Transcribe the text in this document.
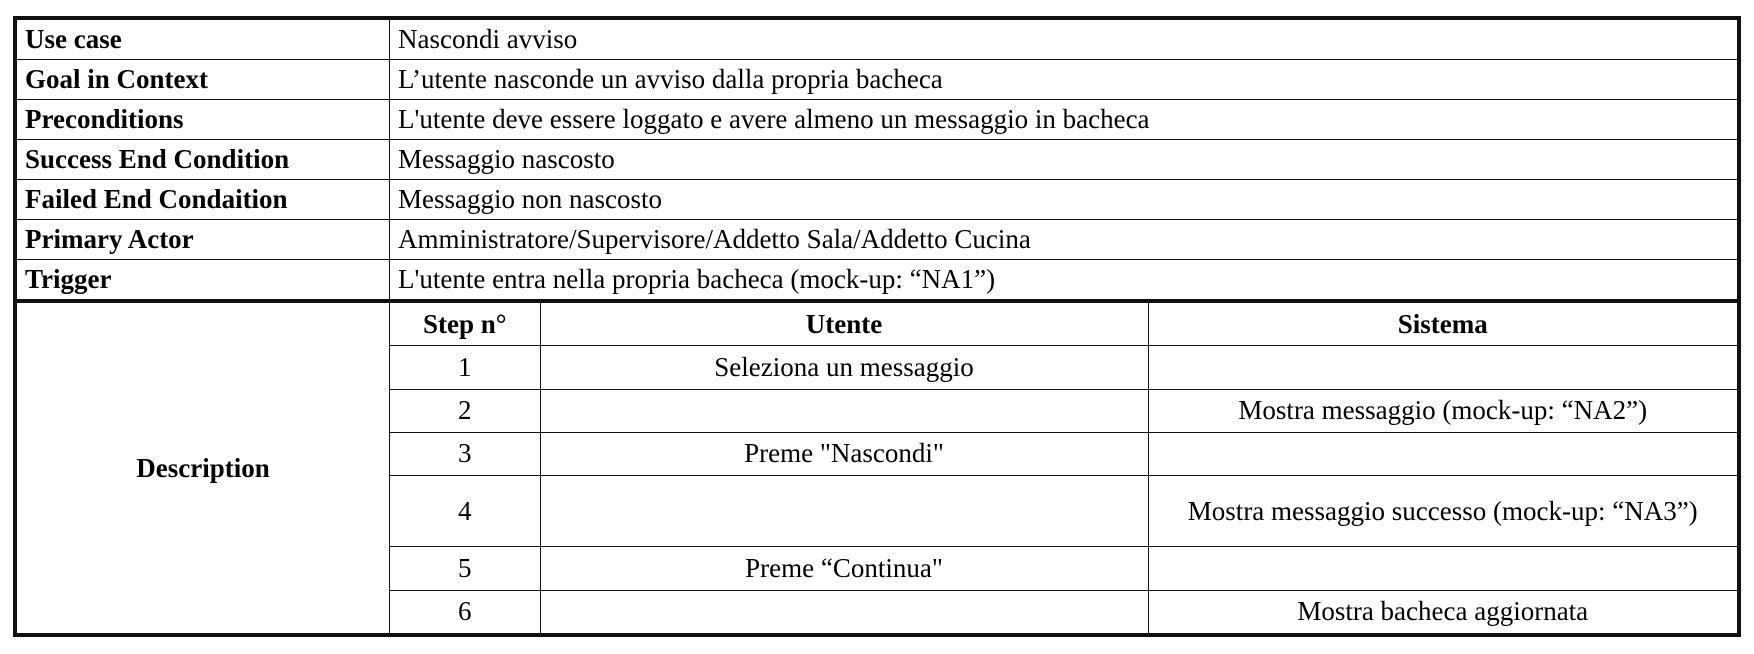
Use case	Nascondi avviso
Goal in Context	L’utente nasconde un avviso dalla propria bacheca
Preconditions	L'utente deve essere loggato e avere almeno un messaggio in bacheca
Success End Condition	Messaggio nascosto
Failed End Condaition	Messaggio non nascosto
Primary Actor	Amministratore/Supervisore/Addetto Sala/Addetto Cucina
Trigger	L'utente entra nella propria bacheca (mock-up: “NA1”)
Description	
Step n°	Utente	Sistema
1	Seleziona un messaggio	
2		Mostra messaggio (mock-up: “NA2”)
3	Preme "Nascondi"	
4		Mostra messaggio successo (mock-up: “NA3”)
5	Preme “Continua"	
6		Mostra bacheca aggiornata
